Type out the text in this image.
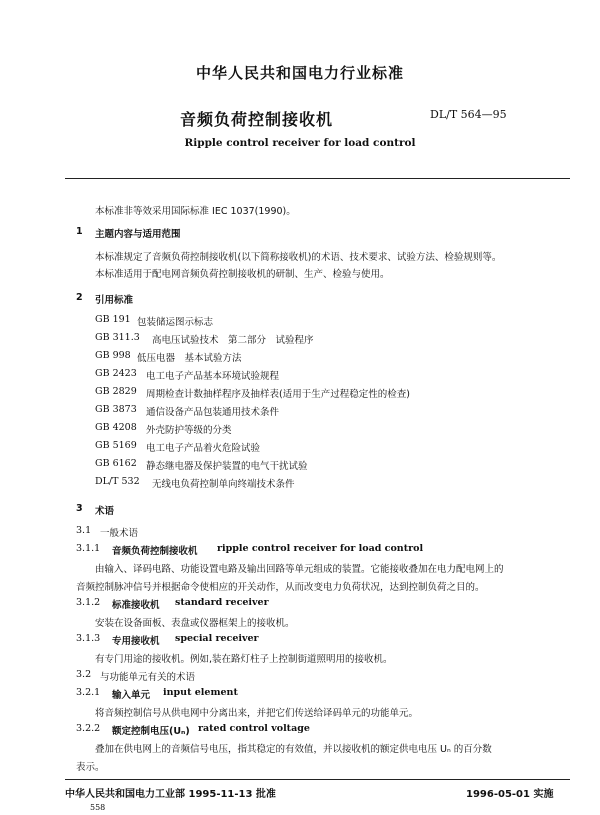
中华人民共和国电力行业标准
音频负荷控制接收机	DL/T 564—95
Ripple control receiver for load control
本标准非等效采用国际标准 IEC 1037(1990)。
1 主题内容与适用范围
本标准规定了音频负荷控制接收机(以下简称接收机)的术语、技术要求、试验方法、检验规则等。
本标准适用于配电网音频负荷控制接收机的研制、生产、检验与使用。
2 引用标准
GB 191 包装储运图示标志
GB 311.3 高电压试验技术　第二部分　试验程序
GB 998 低压电器　基本试验方法
GB 2423 电工电子产品基本环境试验规程
GB 2829 周期检查计数抽样程序及抽样表(适用于生产过程稳定性的检查)
GB 3873 通信设备产品包装通用技术条件
GB 4208 外壳防护等级的分类
GB 5169 电工电子产品着火危险试验
GB 6162 静态继电器及保护装置的电气干扰试验
DL/T 532 无线电负荷控制单向终端技术条件
3 术语
3.1 一般术语
3.1.1 音频负荷控制接收机 ripple control receiver for load control
由输入、译码电路、功能设置电路及输出回路等单元组成的装置。它能接收叠加在电力配电网上的
音频控制脉冲信号并根据命令使相应的开关动作，从而改变电力负荷状况，达到控制负荷之目的。
3.1.2 标准接收机 standard receiver
安装在设备面板、表盘或仪器框架上的接收机。
3.1.3 专用接收机 special receiver
有专门用途的接收机。例如,装在路灯柱子上控制街道照明用的接收机。
3.2 与功能单元有关的术语
3.2.1 输入单元 input element
将音频控制信号从供电网中分离出来，并把它们传送给译码单元的功能单元。
3.2.2 额定控制电压(Uₙ) rated control voltage
叠加在供电网上的音频信号电压，指其稳定的有效值，并以接收机的额定供电电压 Uₙ 的百分数
表示。
中华人民共和国电力工业部 1995-11-13 批准	1996-05-01 实施
558
